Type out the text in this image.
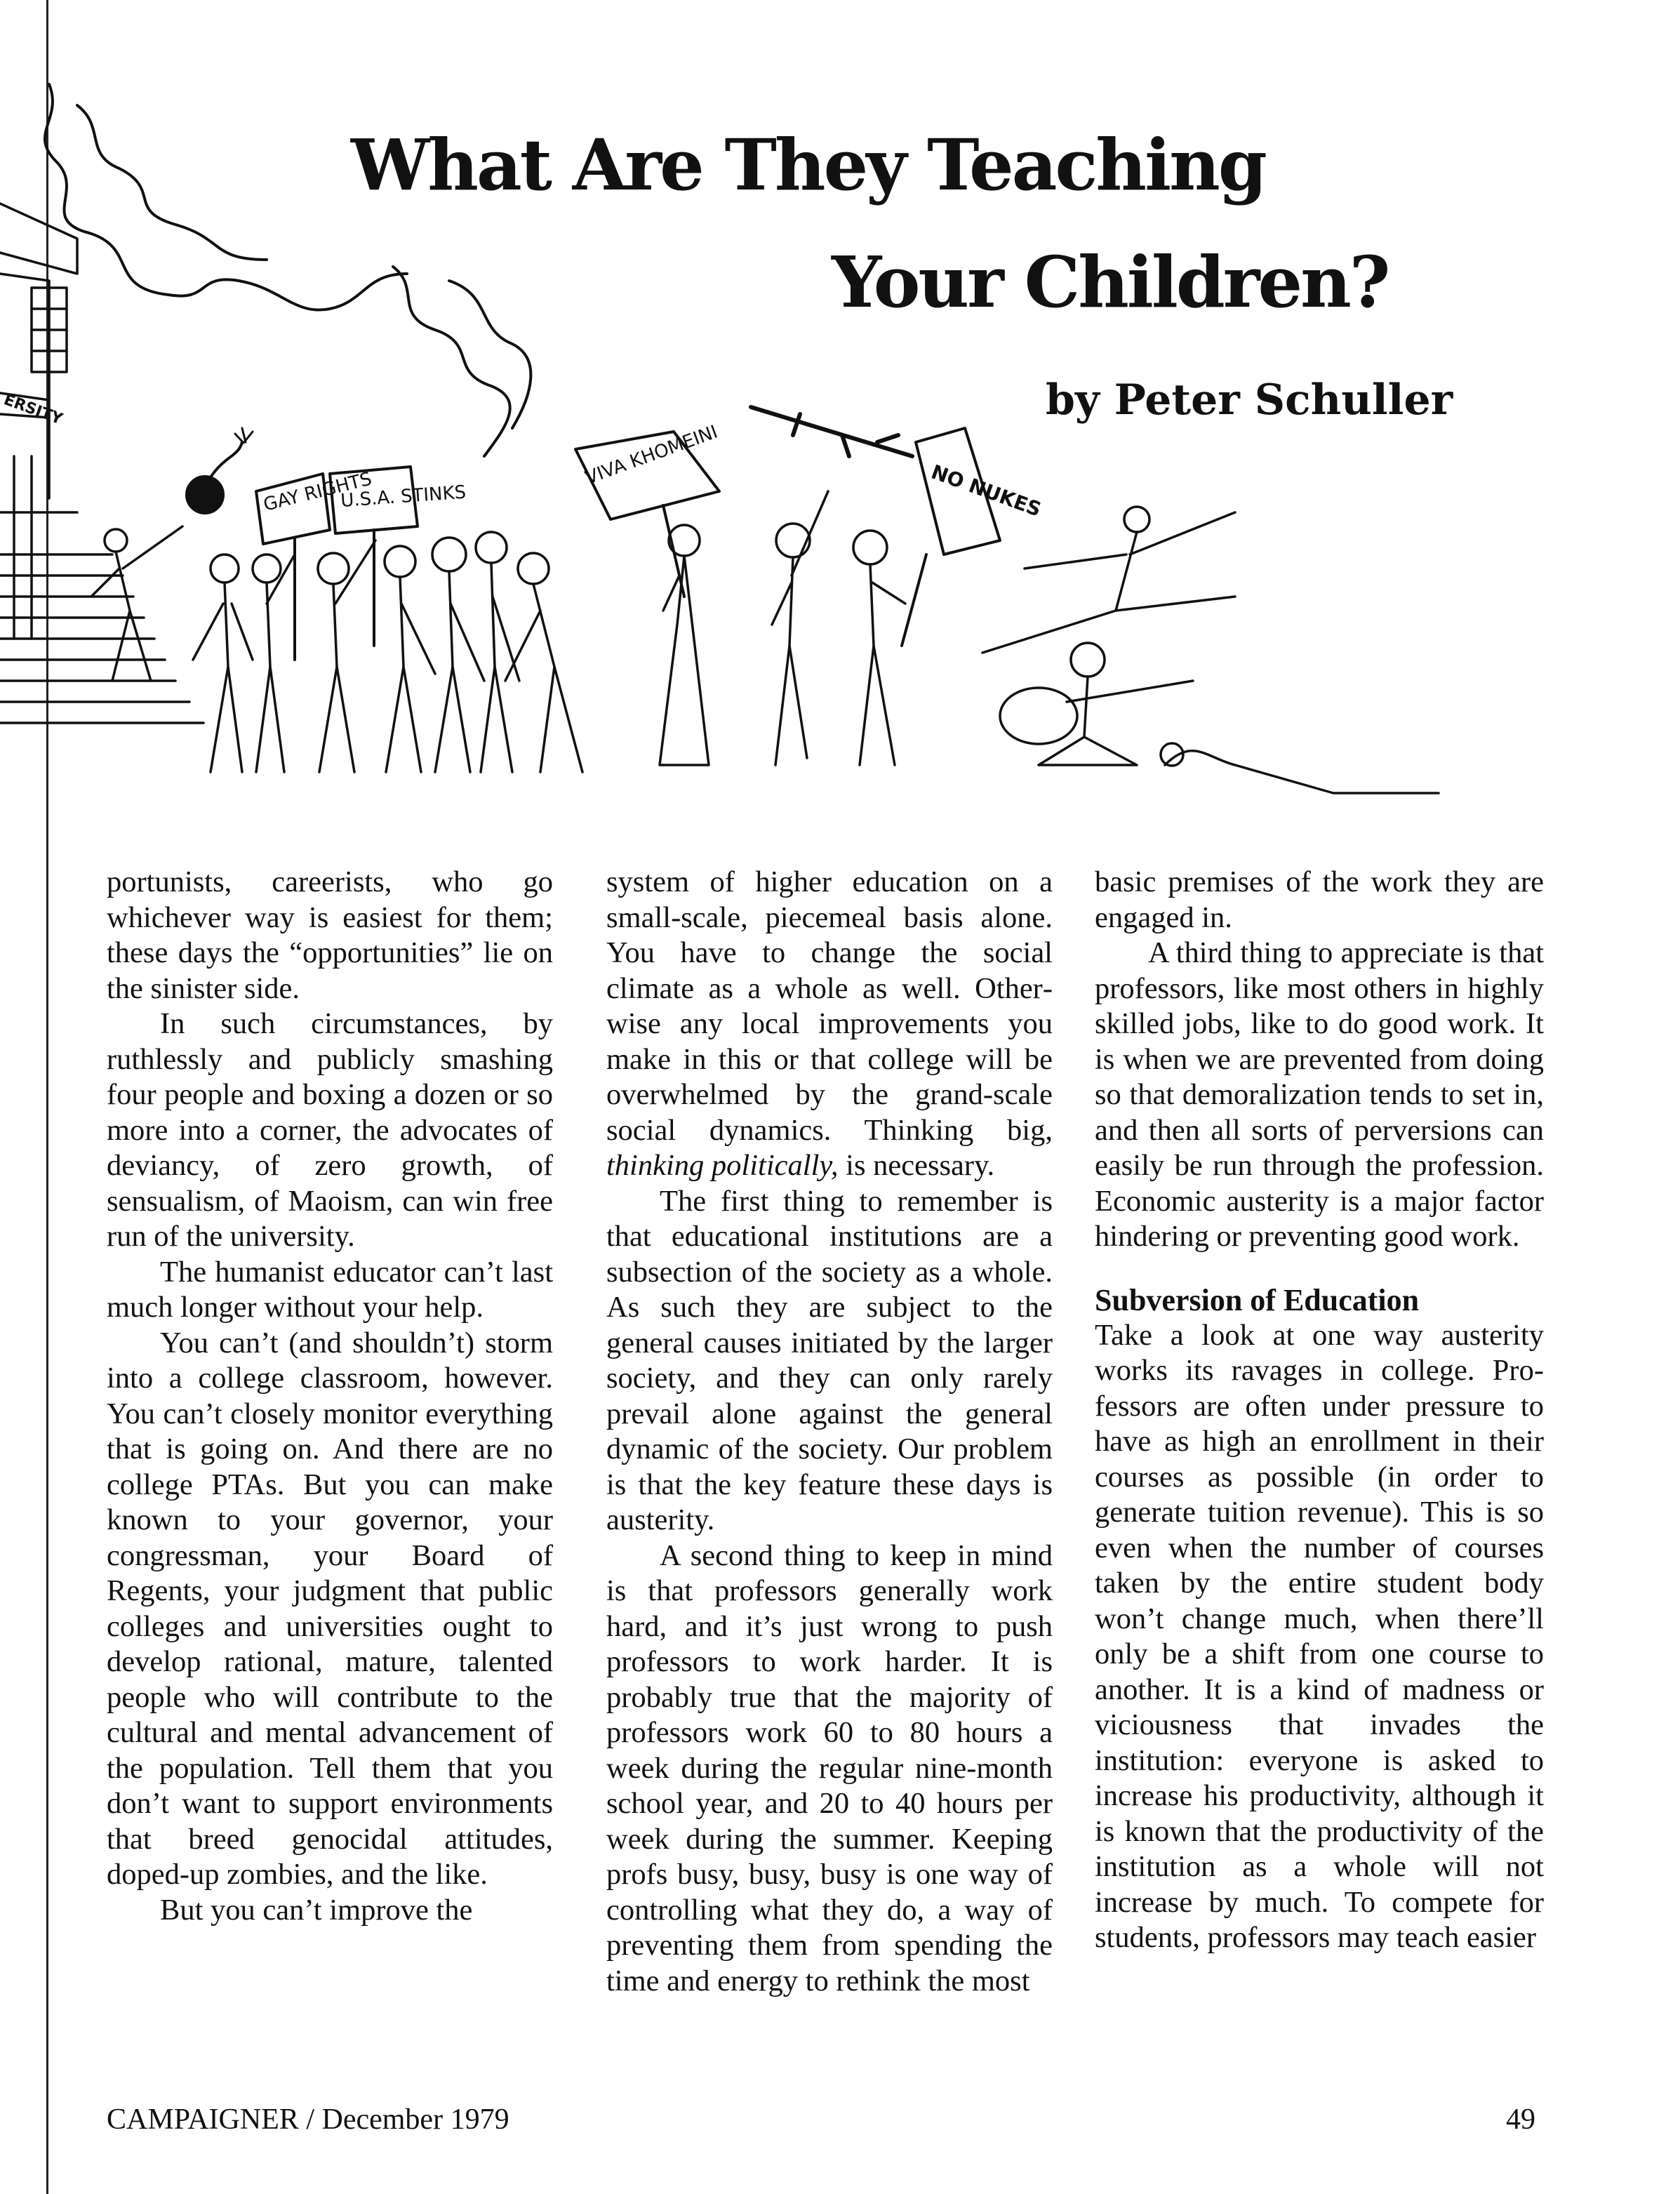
GAY RIGHTS
U.S.A. STINKS
VIVA KHOMEINI
NO NUKES
ERSITY
What Are They Teaching
Your Children?
by Peter Schuller

portunists, careerists, who go whichever way is easiest for them; these days the “opportunities” lie on the sinister side.

In such circumstances, by ruthlessly and publicly smashing four people and boxing a dozen or so more into a corner, the advocates of deviancy, of zero growth, of sensualism, of Maoism, can win free run of the university.

The humanist educator can’t last much longer without your help.

You can’t (and shouldn’t) storm into a college classroom, however. You can’t closely monitor everything that is going on. And there are no college PTAs. But you can make known to your governor, your congressman, your Board of Regents, your judgment that public colleges and universities ought to develop rational, mature, talented people who will contribute to the cultural and mental advancement of the population. Tell them that you don’t want to support environments that breed genocidal attitudes, doped-up zombies, and the like.

But you can’t improve the

system of higher education on a small-scale, piecemeal basis alone. You have to change the social climate as a whole as well. Otherwise any local improvements you make in this or that college will be overwhelmed by the grand-scale social dynamics. Thinking big, thinking politically, is necessary.

The first thing to remember is that educational institutions are a subsection of the society as a whole. As such they are subject to the general causes initiated by the larger society, and they can only rarely prevail alone against the general dynamic of the society. Our problem is that the key feature these days is austerity.

A second thing to keep in mind is that professors generally work hard, and it’s just wrong to push professors to work harder. It is probably true that the majority of professors work 60 to 80 hours a week during the regular nine-month school year, and 20 to 40 hours per week during the summer. Keeping profs busy, busy, busy is one way of controlling what they do, a way of preventing them from spending the time and energy to rethink the most

basic premises of the work they are engaged in.

A third thing to appreciate is that professors, like most others in highly skilled jobs, like to do good work. It is when we are prevented from doing so that demoralization tends to set in, and then all sorts of perversions can easily be run through the profession. Economic austerity is a major factor hindering or preventing good work.

Subversion of Education

Take a look at one way austerity works its ravages in college. Professors are often under pressure to have as high an enrollment in their courses as possible (in order to generate tuition revenue). This is so even when the number of courses taken by the entire student body won’t change much, when there’ll only be a shift from one course to another. It is a kind of madness or viciousness that invades the institution: everyone is asked to increase his productivity, although it is known that the productivity of the institution as a whole will not increase by much. To compete for students, professors may teach easier

CAMPAIGNER / December 1979	49
